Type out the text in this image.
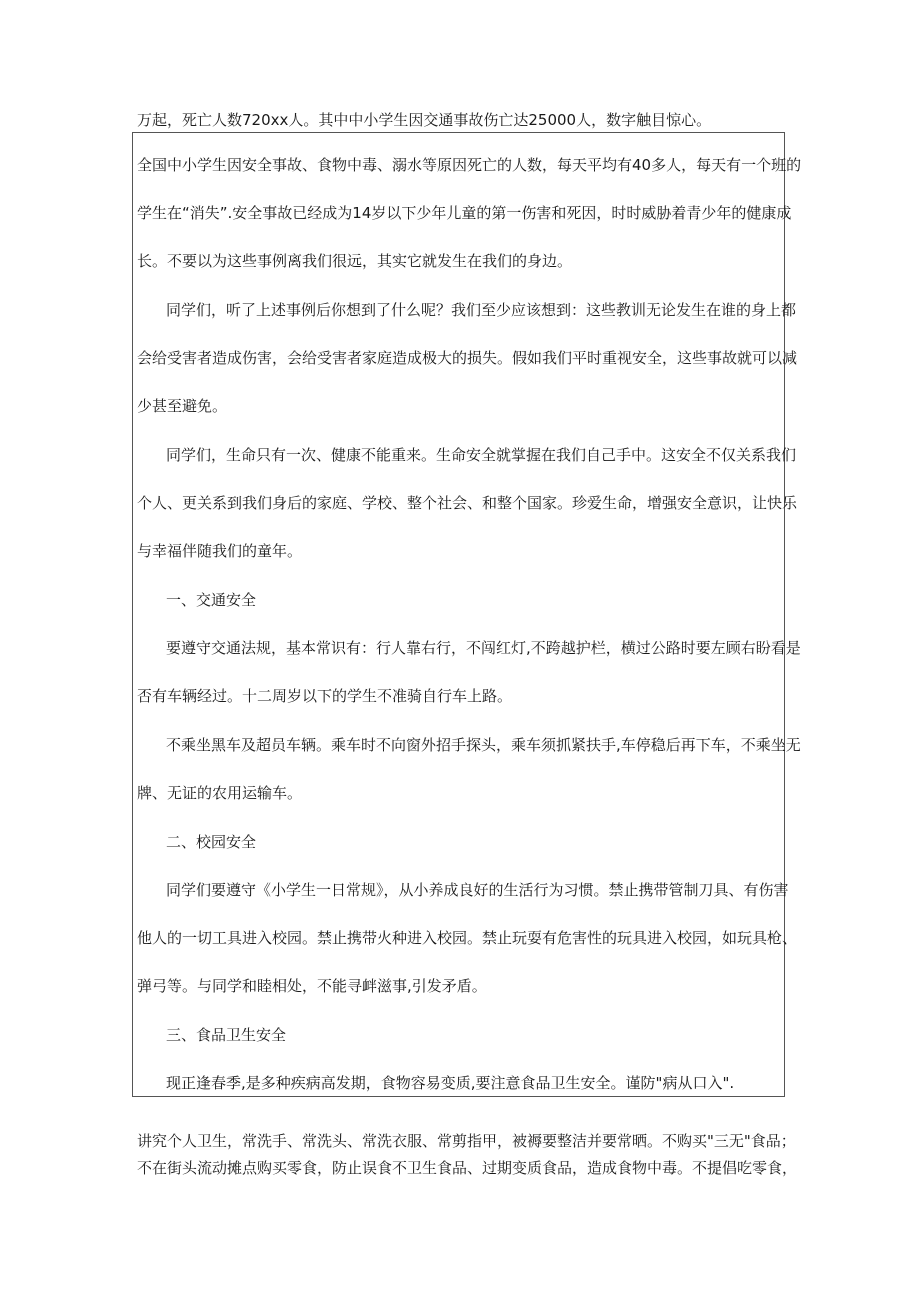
万起，死亡人数720xx人。其中中小学生因交通事故伤亡达25000人，数字触目惊心。

全国中小学生因安全事故、食物中毒、溺水等原因死亡的人数，每天平均有40多人，每天有一个班的

学生在“消失”.安全事故已经成为14岁以下少年儿童的第一伤害和死因，时时威胁着青少年的健康成

长。不要以为这些事例离我们很远，其实它就发生在我们的身边。

同学们，听了上述事例后你想到了什么呢？我们至少应该想到：这些教训无论发生在谁的身上都

会给受害者造成伤害，会给受害者家庭造成极大的损失。假如我们平时重视安全，这些事故就可以减

少甚至避免。

同学们，生命只有一次、健康不能重来。生命安全就掌握在我们自己手中。这安全不仅关系我们

个人、更关系到我们身后的家庭、学校、整个社会、和整个国家。珍爱生命，增强安全意识，让快乐

与幸福伴随我们的童年。

一、交通安全

要遵守交通法规，基本常识有：行人靠右行，不闯红灯,不跨越护栏，横过公路时要左顾右盼看是

否有车辆经过。十二周岁以下的学生不准骑自行车上路。

不乘坐黑车及超员车辆。乘车时不向窗外招手探头，乘车须抓紧扶手,车停稳后再下车，不乘坐无

牌、无证的农用运输车。

二、校园安全

同学们要遵守《小学生一日常规》，从小养成良好的生活行为习惯。禁止携带管制刀具、有伤害

他人的一切工具进入校园。禁止携带火种进入校园。禁止玩耍有危害性的玩具进入校园，如玩具枪、

弹弓等。与同学和睦相处，不能寻衅滋事,引发矛盾。

三、食品卫生安全

现正逢春季,是多种疾病高发期，食物容易变质,要注意食品卫生安全。谨防"病从口入".

讲究个人卫生，常洗手、常洗头、常洗衣服、常剪指甲，被褥要整洁并要常晒。不购买"三无"食品；

不在街头流动摊点购买零食，防止误食不卫生食品、过期变质食品，造成食物中毒。不提倡吃零食，
